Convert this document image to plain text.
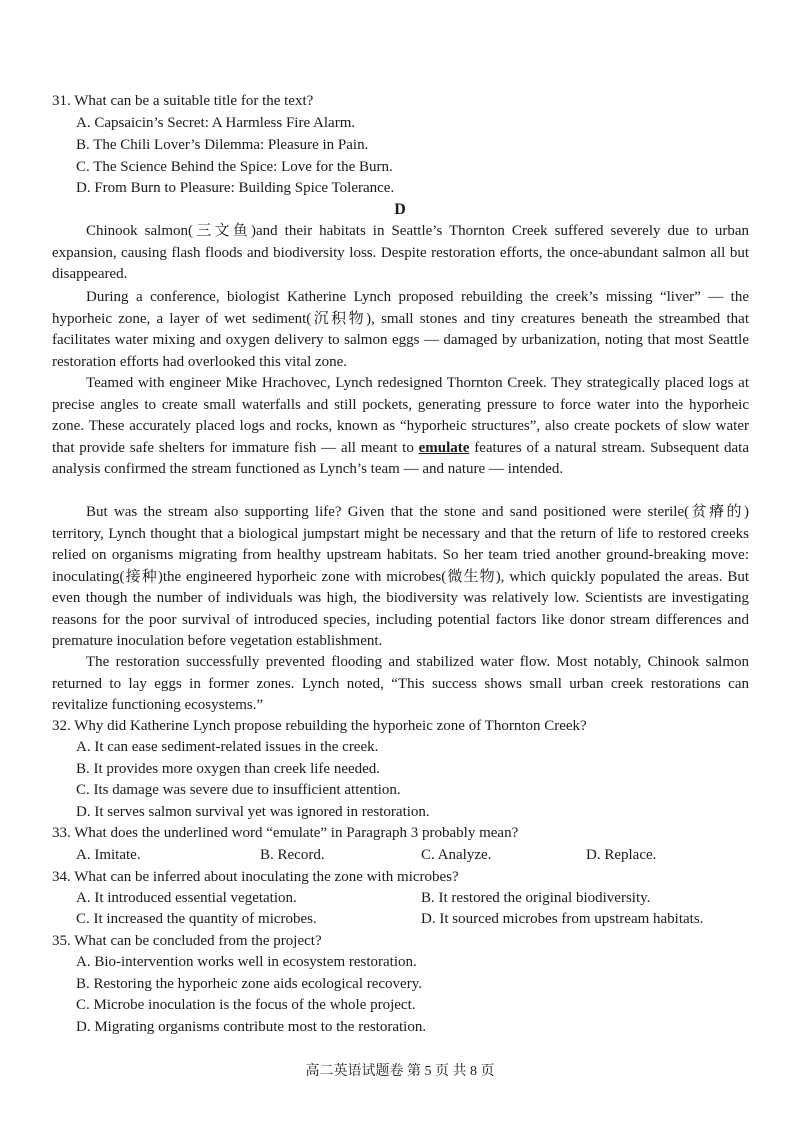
31. What can be a suitable title for the text?
A. Capsaicin’s Secret: A Harmless Fire Alarm.
B. The Chili Lover’s Dilemma: Pleasure in Pain.
C. The Science Behind the Spice: Love for the Burn.
D. From Burn to Pleasure: Building Spice Tolerance.
D

Chinook salmon(三文鱼)and their habitats in Seattle’s Thornton Creek suffered severely due to urban expansion, causing flash floods and biodiversity loss. Despite restoration efforts, the once-abundant salmon all but disappeared.

During a conference, biologist Katherine Lynch proposed rebuilding the creek’s missing “liver” — the hyporheic zone, a layer of wet sediment(沉积物), small stones and tiny creatures beneath the streambed that facilitates water mixing and oxygen delivery to salmon eggs — damaged by urbanization, noting that most Seattle restoration efforts had overlooked this vital zone.

Teamed with engineer Mike Hrachovec, Lynch redesigned Thornton Creek. They strategically placed logs at precise angles to create small waterfalls and still pockets, generating pressure to force water into the hyporheic zone. These accurately placed logs and rocks, known as “hyporheic structures”, also create pockets of slow water that provide safe shelters for immature fish — all meant to emulate features of a natural stream. Subsequent data analysis confirmed the stream functioned as Lynch’s team — and nature — intended.

But was the stream also supporting life? Given that the stone and sand positioned were sterile(贫瘠的) territory, Lynch thought that a biological jumpstart might be necessary and that the return of life to restored creeks relied on organisms migrating from healthy upstream habitats. So her team tried another ground-breaking move: inoculating(接种)the engineered hyporheic zone with microbes(微生物), which quickly populated the areas. But even though the number of individuals was high, the biodiversity was relatively low. Scientists are investigating reasons for the poor survival of introduced species, including potential factors like donor stream differences and premature inoculation before vegetation establishment.

The restoration successfully prevented flooding and stabilized water flow. Most notably, Chinook salmon returned to lay eggs in former zones. Lynch noted, “This success shows small urban creek restorations can revitalize functioning ecosystems.”

32. Why did Katherine Lynch propose rebuilding the hyporheic zone of Thornton Creek?
A. It can ease sediment-related issues in the creek.
B. It provides more oxygen than creek life needed.
C. Its damage was severe due to insufficient attention.
D. It serves salmon survival yet was ignored in restoration.
33. What does the underlined word “emulate” in Paragraph 3 probably mean?
A. Imitate.	B. Record.	C. Analyze.	D. Replace.
34. What can be inferred about inoculating the zone with microbes?
A. It introduced essential vegetation.	B. It restored the original biodiversity.
C. It increased the quantity of microbes.	D. It sourced microbes from upstream habitats.
35. What can be concluded from the project?
A. Bio-intervention works well in ecosystem restoration.
B. Restoring the hyporheic zone aids ecological recovery.
C. Microbe inoculation is the focus of the whole project.
D. Migrating organisms contribute most to the restoration.
高二英语试题卷 第 5 页 共 8 页
